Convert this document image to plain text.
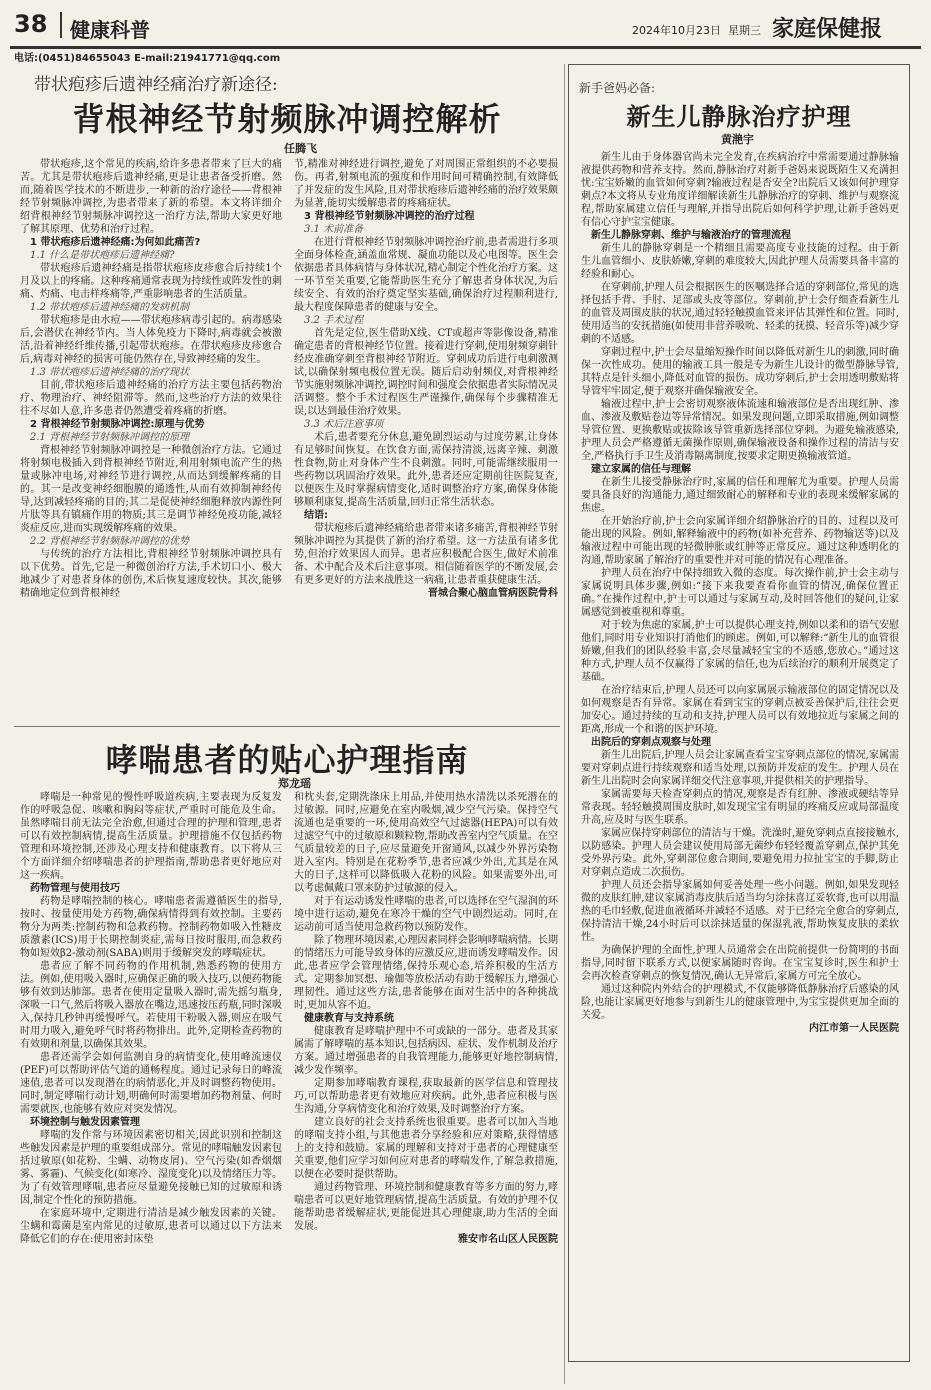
38 健康科普	2024年10月23日 星期三 家庭保健报
电话:(0451)84655043 E-mail:21941771@qq.com
带状疱疹后遗神经痛治疗新途径:
背根神经节射频脉冲调控解析
任腾飞

带状疱疹,这个常见的疾病,给许多患者带来了巨大的痛苦。尤其是带状疱疹后遗神经痛,更是让患者备受折磨。然而,随着医学技术的不断进步,一种新的治疗途径——背根神经节射频脉冲调控,为患者带来了新的希望。本文将详细介绍背根神经节射频脉冲调控这一治疗方法,帮助大家更好地了解其原理、优势和治疗过程。

1 带状疱疹后遗神经痛:为何如此痛苦?

1.1 什么是带状疱疹后遗神经痛?

带状疱疹后遗神经痛是指带状疱疹皮疹愈合后持续1个月及以上的疼痛。这种疼痛通常表现为持续性或阵发性的刺痛、灼痛、电击样疼痛等,严重影响患者的生活质量。

1.2 带状疱疹后遗神经痛的发病机制

带状疱疹是由水痘——带状疱疹病毒引起的。病毒感染后,会潜伏在神经节内。当人体免疫力下降时,病毒就会被激活,沿着神经纤维传播,引起带状疱疹。在带状疱疹皮疹愈合后,病毒对神经的损害可能仍然存在,导致神经痛的发生。

1.3 带状疱疹后遗神经痛的治疗现状

目前,带状疱疹后遗神经痛的治疗方法主要包括药物治疗、物理治疗、神经阻滞等。然而,这些治疗方法的效果往往不尽如人意,许多患者仍然遭受着疼痛的折磨。

2 背根神经节射频脉冲调控:原理与优势

2.1 背根神经节射频脉冲调控的原理

背根神经节射频脉冲调控是一种微创治疗方法。它通过将射频电极插入到背根神经节附近,利用射频电流产生的热量或脉冲电场,对神经节进行调控,从而达到缓解疼痛的目的。其一是改变神经细胞膜的通透性,从而有效抑制神经传导,达到减轻疼痛的目的;其二是促使神经细胞释放内源性阿片肽等具有镇痛作用的物质;其三是调节神经免疫功能,减轻炎症反应,进而实现缓解疼痛的效果。

2.2 背根神经节射频脉冲调控的优势

与传统的治疗方法相比,背根神经节射频脉冲调控具有以下优势。首先,它是一种微创治疗方法,手术切口小、极大地减少了对患者身体的创伤,术后恢复速度较快。其次,能够精确地定位到背根神经

节,精准对神经进行调控,避免了对周围正常组织的不必要损伤。再者,射频电流的强度和作用时间可精确控制,有效降低了并发症的发生风险,且对带状疱疹后遗神经痛的治疗效果颇为显著,能切实缓解患者的疼痛症状。

3 背根神经节射频脉冲调控的治疗过程

3.1 术前准备

在进行背根神经节射频脉冲调控治疗前,患者需进行多项全面身体检查,涵盖血常规、凝血功能以及心电图等。医生会依据患者具体病情与身体状况,精心制定个性化治疗方案。这一环节至关重要,它能帮助医生充分了解患者身体状况,为后续安全、有效的治疗奠定坚实基础,确保治疗过程顺利进行,最大程度保障患者的健康与安全。

3.2 手术过程

首先是定位,医生借助X线、CT或超声等影像设备,精准确定患者的背根神经节位置。接着进行穿刺,使用射频穿刺针经皮准确穿刺至背根神经节附近。穿刺成功后进行电刺激测试,以确保射频电极位置无误。随后启动射频仪,对背根神经节实施射频脉冲调控,调控时间和强度会依据患者实际情况灵活调整。整个手术过程医生严谨操作,确保每个步骤精准无误,以达到最佳治疗效果。

3.3 术后注意事项

术后,患者要充分休息,避免剧烈运动与过度劳累,让身体有足够时间恢复。在饮食方面,需保持清淡,远离辛辣、刺激性食物,防止对身体产生不良刺激。同时,可能需继续服用一些药物以巩固治疗效果。此外,患者还应定期前往医院复查,以便医生及时掌握病情变化,适时调整治疗方案,确保身体能够顺利康复,提高生活质量,回归正常生活状态。

结语:

带状疱疹后遗神经痛给患者带来诸多痛苦,背根神经节射频脉冲调控为其提供了新的治疗希望。这一方法虽有诸多优势,但治疗效果因人而异。患者应积极配合医生,做好术前准备、术中配合及术后注意事项。相信随着医学的不断发展,会有更多更好的方法来战胜这一病痛,让患者重获健康生活。

晋城合聚心脑血管病医院骨科

哮喘患者的贴心护理指南
郑龙瑶

哮喘是一种常见的慢性呼吸道疾病,主要表现为反复发作的呼吸急促、咳嗽和胸闷等症状,严重时可能危及生命。虽然哮喘目前无法完全治愈,但通过合理的护理和管理,患者可以有效控制病情,提高生活质量。护理措施不仅包括药物管理和环境控制,还涉及心理支持和健康教育。以下将从三个方面详细介绍哮喘患者的护理指南,帮助患者更好地应对这一疾病。

药物管理与使用技巧

药物是哮喘控制的核心。哮喘患者需遵循医生的指导,按时、按量使用处方药物,确保病情得到有效控制。主要药物分为两类:控制药物和急救药物。控制药物如吸入性糖皮质激素(ICS)用于长期控制炎症,需每日按时服用,而急救药物如短效β2-激动剂(SABA)则用于缓解突发的哮喘症状。

患者应了解不同药物的作用机制,熟悉药物的使用方法。例如,使用吸入器时,应确保正确的吸入技巧,以便药物能够有效到达肺部。患者在使用定量吸入器时,需先摇匀瓶身,深吸一口气,然后将吸入器放在嘴边,迅速按压药瓶,同时深吸入,保持几秒钟再缓慢呼气。若使用干粉吸入器,则应在吸气时用力吸入,避免呼气时将药物排出。此外,定期检查药物的有效期和剂量,以确保其效果。

患者还需学会如何监测自身的病情变化,使用峰流速仪(PEF)可以帮助评估气道的通畅程度。通过记录每日的峰流速值,患者可以发现潜在的病情恶化,并及时调整药物使用。同时,制定哮喘行动计划,明确何时需要增加药物剂量、何时需要就医,也能够有效应对突发情况。

环境控制与触发因素管理

哮喘的发作常与环境因素密切相关,因此识别和控制这些触发因素是护理的重要组成部分。常见的哮喘触发因素包括过敏原(如花粉、尘螨、动物皮屑)、空气污染(如香烟烟雾、雾霾)、气候变化(如寒冷、湿度变化)以及情绪压力等。为了有效管理哮喘,患者应尽量避免接触已知的过敏原和诱因,制定个性化的预防措施。

在家庭环境中,定期进行清洁是减少触发因素的关键。尘螨和霉菌是室内常见的过敏原,患者可以通过以下方法来降低它们的存在:使用密封床垫

和枕头套,定期洗涤床上用品,并使用热水清洗以杀死潜在的过敏源。同时,应避免在室内吸烟,减少空气污染。保持空气流通也是重要的一环,使用高效空气过滤器(HEPA)可以有效过滤空气中的过敏原和颗粒物,帮助改善室内空气质量。在空气质量较差的日子,应尽量避免开窗通风,以减少外界污染物进入室内。特别是在花粉季节,患者应减少外出,尤其是在风大的日子,这样可以降低吸入花粉的风险。如果需要外出,可以考虑佩戴口罩来防护过敏源的侵入。

对于有运动诱发性哮喘的患者,可以选择在空气湿润的环境中进行运动,避免在寒冷干燥的空气中剧烈运动。同时,在运动前可适当使用急救药物以预防发作。

除了物理环境因素,心理因素同样会影响哮喘病情。长期的情绪压力可能导致身体的应激反应,进而诱发哮喘发作。因此,患者应学会管理情绪,保持乐观心态,培养积极的生活方式。定期参加冥想、瑜伽等放松活动有助于缓解压力,增强心理韧性。通过这些方法,患者能够在面对生活中的各种挑战时,更加从容不迫。

健康教育与支持系统

健康教育是哮喘护理中不可或缺的一部分。患者及其家属需了解哮喘的基本知识,包括病因、症状、发作机制及治疗方案。通过增强患者的自我管理能力,能够更好地控制病情,减少发作频率。

定期参加哮喘教育课程,获取最新的医学信息和管理技巧,可以帮助患者更有效地应对疾病。此外,患者应积极与医生沟通,分享病情变化和治疗效果,及时调整治疗方案。

建立良好的社会支持系统也很重要。患者可以加入当地的哮喘支持小组,与其他患者分享经验和应对策略,获得情感上的支持和鼓励。家属的理解和支持对于患者的心理健康至关重要,他们应学习如何应对患者的哮喘发作,了解急救措施,以便在必要时提供帮助。

通过药物管理、环境控制和健康教育等多方面的努力,哮喘患者可以更好地管理病情,提高生活质量。有效的护理不仅能帮助患者缓解症状,更能促进其心理健康,助力生活的全面发展。

雅安市名山区人民医院

新手爸妈必备:
新生儿静脉治疗护理
黄滟宇

新生儿由于身体器官尚未完全发育,在疾病治疗中常需要通过静脉输液提供药物和营养支持。然而,静脉治疗对新手爸妈来说既陌生又充满担忧:宝宝娇嫩的血管如何穿刺?输液过程是否安全?出院后又该如何护理穿刺点?本文将从专业角度详细解读新生儿静脉治疗的穿刺、维护与观察流程,帮助家属建立信任与理解,并指导出院后如何科学护理,让新手爸妈更有信心守护宝宝健康。

新生儿静脉穿刺、维护与输液治疗的管理流程

新生儿的静脉穿刺是一个精细且需要高度专业技能的过程。由于新生儿血管细小、皮肤娇嫩,穿刺的难度较大,因此护理人员需要具备丰富的经验和耐心。

在穿刺前,护理人员会根据医生的医嘱选择合适的穿刺部位,常见的选择包括手背、手肘、足部或头皮等部位。穿刺前,护士会仔细查看新生儿的血管及周围皮肤的状况,通过轻轻触摸血管来评估其弹性和位置。同时,使用适当的安抚措施(如使用非营养吸吮、轻柔的抚摸、轻音乐等)减少穿刺的不适感。

穿刺过程中,护士会尽量缩短操作时间以降低对新生儿的刺激,同时确保一次性成功。使用的输液工具一般是专为新生儿设计的微型静脉导管,其特点是针头细小,降低对血管的损伤。成功穿刺后,护士会用透明敷贴将导管牢牢固定,便于观察并确保输液安全。

输液过程中,护士会密切观察液体流速和输液部位是否出现红肿、渗血、渗液及敷贴卷边等异常情况。如果发现问题,立即采取措施,例如调整导管位置、更换敷贴或拔除该导管重新选择部位穿刺。为避免输液感染,护理人员会严格遵循无菌操作原则,确保输液设备和操作过程的清洁与安全,严格执行手卫生及消毒隔离制度,按要求定期更换输液管道。

建立家属的信任与理解

在新生儿接受静脉治疗时,家属的信任和理解尤为重要。护理人员需要具备良好的沟通能力,通过细致耐心的解释和专业的表现来缓解家属的焦虑。

在开始治疗前,护士会向家属详细介绍静脉治疗的目的、过程以及可能出现的风险。例如,解释输液中的药物(如补充营养、药物输送等)以及输液过程中可能出现的轻微肿胀或红肿等正常反应。通过这种透明化的沟通,帮助家属了解治疗的重要性并对可能的情况有心理准备。

护理人员在治疗中保持细致入微的态度。每次操作前,护士会主动与家属说明具体步骤,例如:“接下来我要查看你血管的情况,确保位置正确。”在操作过程中,护士可以通过与家属互动,及时回答他们的疑问,让家属感觉到被重视和尊重。

对于较为焦虑的家属,护士可以提供心理支持,例如以柔和的语气安慰他们,同时用专业知识打消他们的顾虑。例如,可以解释:“新生儿的血管很娇嫩,但我们的团队经验丰富,会尽量减轻宝宝的不适感,您放心。”通过这种方式,护理人员不仅赢得了家属的信任,也为后续治疗的顺利开展奠定了基础。

在治疗结束后,护理人员还可以向家属展示输液部位的固定情况以及如何观察是否有异常。家属在看到宝宝的穿刺点被妥善保护后,往往会更加安心。通过持续的互动和支持,护理人员可以有效地拉近与家属之间的距离,形成一个和谐的医护环境。

出院后的穿刺点观察与处理

新生儿出院后,护理人员会让家属查看宝宝穿刺点部位的情况,家属需要对穿刺点进行持续观察和适当处理,以预防并发症的发生。护理人员在新生儿出院时会向家属详细交代注意事项,并提供相关的护理指导。

家属需要每天检查穿刺点的情况,观察是否有红肿、渗液或硬结等异常表现。轻轻触摸周围皮肤时,如发现宝宝有明显的疼痛反应或局部温度升高,应及时与医生联系。

家属应保持穿刺部位的清洁与干燥。洗澡时,避免穿刺点直接接触水,以防感染。护理人员会建议使用局部无菌纱布轻轻覆盖穿刺点,保护其免受外界污染。此外,穿刺部位愈合期间,要避免用力拉扯宝宝的手脚,防止对穿刺点造成二次损伤。

护理人员还会指导家属如何妥善处理一些小问题。例如,如果发现轻微的皮肤红肿,建议家属消毒皮肤后适当均匀涂抹喜辽妥软膏,也可以用温热的毛巾轻敷,促进血液循环并减轻不适感。对于已经完全愈合的穿刺点,保持清洁干燥,24小时后可以涂抹适量的保湿乳液,帮助恢复皮肤的柔软性。

为确保护理的全面性,护理人员通常会在出院前提供一份简明的书面指导,同时留下联系方式,以便家属随时咨询。在宝宝复诊时,医生和护士会再次检查穿刺点的恢复情况,确认无异常后,家属方可完全放心。

通过这种院内外结合的护理模式,不仅能够降低静脉治疗后感染的风险,也能让家属更好地参与到新生儿的健康管理中,为宝宝提供更加全面的关爱。

内江市第一人民医院
